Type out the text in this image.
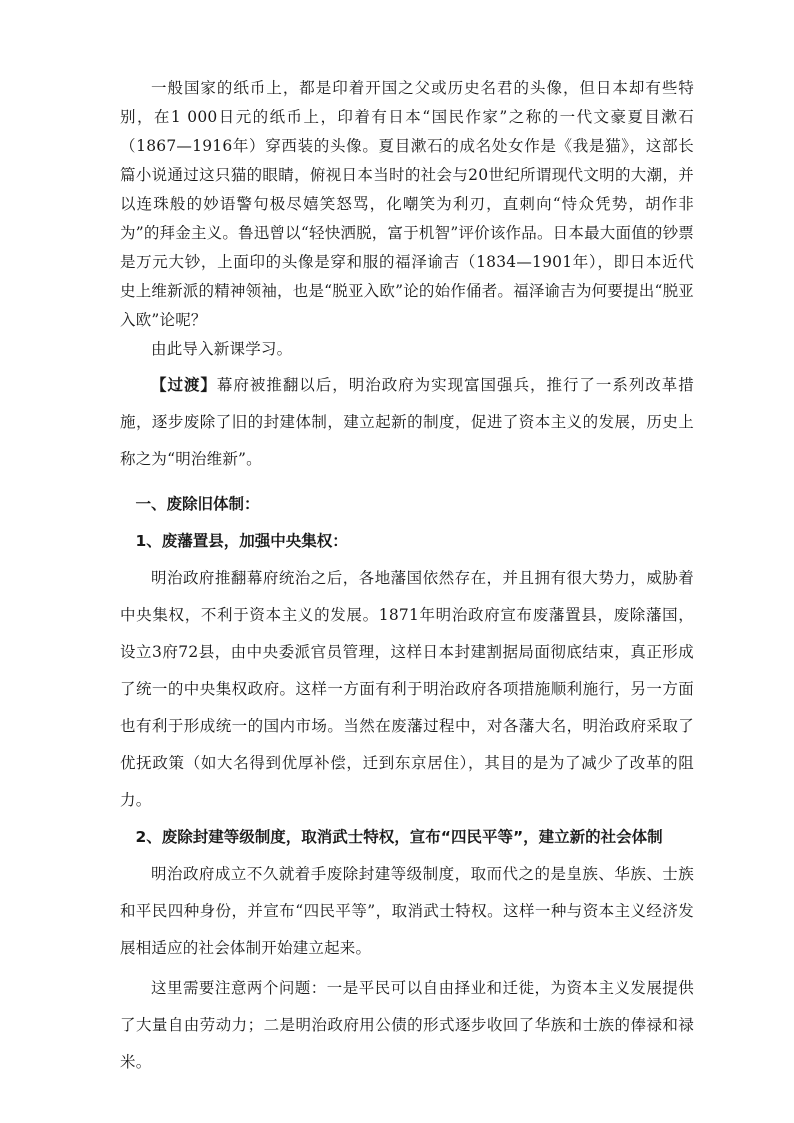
一般国家的纸币上，都是印着开国之父或历史名君的头像，但日本却有些特别，在1 000日元的纸币上，印着有日本“国民作家”之称的一代文豪夏目漱石（1867—1916年）穿西装的头像。夏目漱石的成名处女作是《我是猫》，这部长篇小说通过这只猫的眼睛，俯视日本当时的社会与20世纪所谓现代文明的大潮，并以连珠般的妙语警句极尽嬉笑怒骂，化嘲笑为利刃，直刺向“恃众凭势，胡作非为”的拜金主义。鲁迅曾以“轻快洒脱，富于机智”评价该作品。日本最大面值的钞票是万元大钞，上面印的头像是穿和服的福泽谕吉（1834—1901年），即日本近代史上维新派的精神领袖，也是“脱亚入欧”论的始作俑者。福泽谕吉为何要提出“脱亚入欧”论呢？

由此导入新课学习。

【过渡】幕府被推翻以后，明治政府为实现富国强兵，推行了一系列改革措施，逐步废除了旧的封建体制，建立起新的制度，促进了资本主义的发展，历史上称之为“明治维新”。

一、废除旧体制：
1、废藩置县，加强中央集权：

明治政府推翻幕府统治之后，各地藩国依然存在，并且拥有很大势力，威胁着中央集权，不利于资本主义的发展。1871年明治政府宣布废藩置县，废除藩国，设立3府72县，由中央委派官员管理，这样日本封建割据局面彻底结束，真正形成了统一的中央集权政府。这样一方面有利于明治政府各项措施顺利施行，另一方面也有利于形成统一的国内市场。当然在废藩过程中，对各藩大名，明治政府采取了优抚政策（如大名得到优厚补偿，迁到东京居住），其目的是为了减少了改革的阻力。

2、废除封建等级制度，取消武士特权，宣布“四民平等”，建立新的社会体制

明治政府成立不久就着手废除封建等级制度，取而代之的是皇族、华族、士族和平民四种身份，并宣布“四民平等”，取消武士特权。这样一种与资本主义经济发展相适应的社会体制开始建立起来。

这里需要注意两个问题：一是平民可以自由择业和迁徙，为资本主义发展提供了大量自由劳动力；二是明治政府用公债的形式逐步收回了华族和士族的俸禄和禄米。
